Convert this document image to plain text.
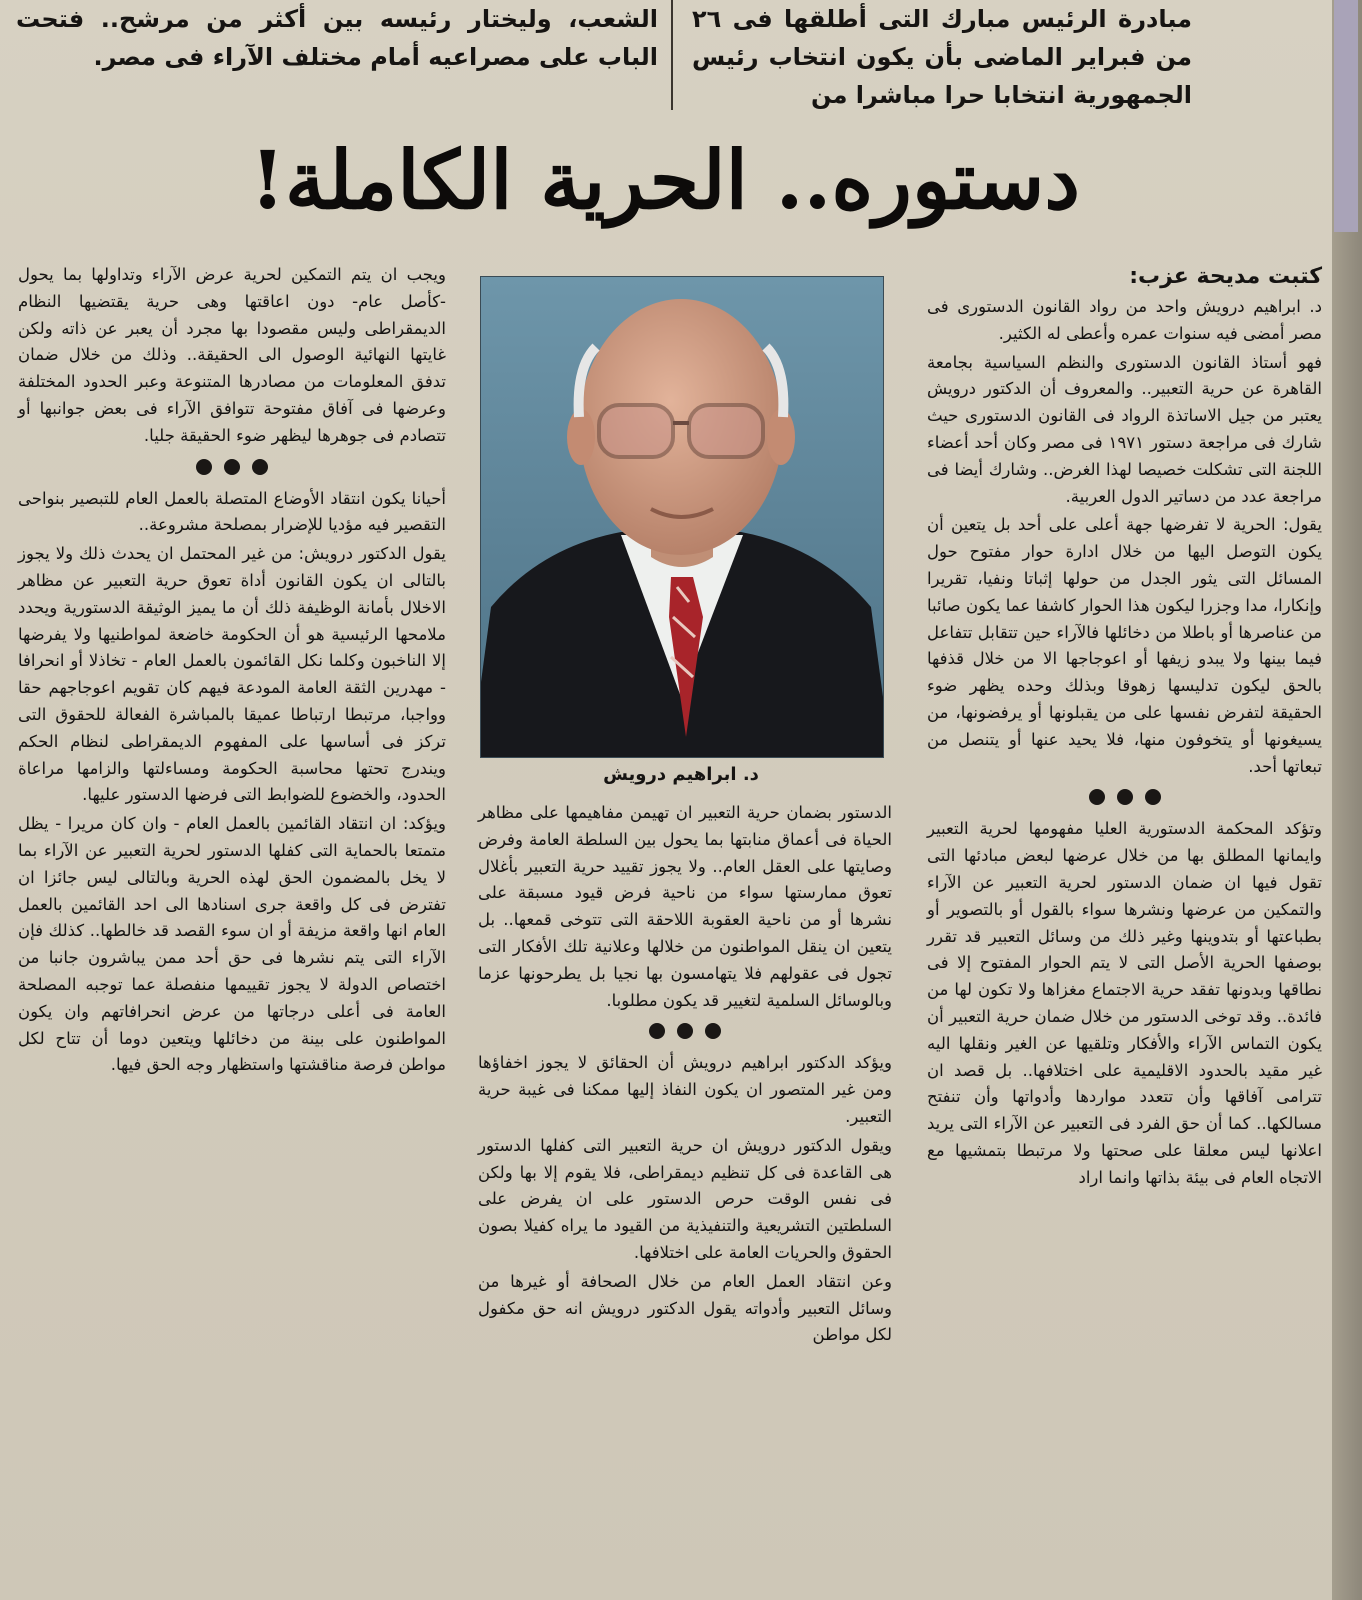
مبادرة الرئيس مبارك التى أطلقها فى ٢٦ من فبراير الماضى بأن يكون انتخاب رئيس الجمهورية انتخابا حرا مباشرا من

الشعب، وليختار رئيسه بين أكثر من مرشح.. فتحت الباب على مصراعيه أمام مختلف الآراء فى مصر.

دستوره.. الحرية الكاملة!

كتبت مديحة عزب:

د. ابراهيم درويش واحد من رواد القانون الدستورى فى مصر أمضى فيه سنوات عمره وأعطى له الكثير.

فهو أستاذ القانون الدستورى والنظم السياسية بجامعة القاهرة عن حرية التعبير.. والمعروف أن الدكتور درويش يعتبر من جيل الاساتذة الرواد فى القانون الدستورى حيث شارك فى مراجعة دستور ١٩٧١ فى مصر وكان أحد أعضاء اللجنة التى تشكلت خصيصا لهذا الغرض.. وشارك أيضا فى مراجعة عدد من دساتير الدول العربية.

يقول: الحرية لا تفرضها جهة أعلى على أحد بل يتعين أن يكون التوصل اليها من خلال ادارة حوار مفتوح حول المسائل التى يثور الجدل من حولها إثباتا ونفيا، تقريرا وإنكارا، مدا وجزرا ليكون هذا الحوار كاشفا عما يكون صائبا من عناصرها أو باطلا من دخائلها فالآراء حين تتقابل تتفاعل فيما بينها ولا يبدو زيفها أو اعوجاجها الا من خلال قذفها بالحق ليكون تدليسها زهوقا وبذلك وحده يظهر ضوء الحقيقة لتفرض نفسها على من يقبلونها أو يرفضونها، من يسيغونها أو يتخوفون منها، فلا يحيد عنها أو يتنصل من تبعاتها أحد.

وتؤكد المحكمة الدستورية العليا مفهومها لحرية التعبير وايمانها المطلق بها من خلال عرضها لبعض مبادئها التى تقول فيها ان ضمان الدستور لحرية التعبير عن الآراء والتمكين من عرضها ونشرها سواء بالقول أو بالتصوير أو بطباعتها أو بتدوينها وغير ذلك من وسائل التعبير قد تقرر بوصفها الحرية الأصل التى لا يتم الحوار المفتوح إلا فى نطاقها وبدونها تفقد حرية الاجتماع مغزاها ولا تكون لها من فائدة.. وقد توخى الدستور من خلال ضمان حرية التعبير أن يكون التماس الآراء والأفكار وتلقيها عن الغير ونقلها اليه غير مقيد بالحدود الاقليمية على اختلافها.. بل قصد ان تترامى آفاقها وأن تتعدد مواردها وأدواتها وأن تنفتح مسالكها.. كما أن حق الفرد فى التعبير عن الآراء التى يريد اعلانها ليس معلقا على صحتها ولا مرتبطا بتمشيها مع الاتجاه العام فى بيئة بذاتها وانما اراد

د. ابراهيم درويش

الدستور بضمان حرية التعبير ان تهيمن مفاهيمها على مظاهر الحياة فى أعماق منابتها بما يحول بين السلطة العامة وفرض وصايتها على العقل العام.. ولا يجوز تقييد حرية التعبير بأغلال تعوق ممارستها سواء من ناحية فرض قيود مسبقة على نشرها أو من ناحية العقوبة اللاحقة التى تتوخى قمعها.. بل يتعين ان ينقل المواطنون من خلالها وعلانية تلك الأفكار التى تجول فى عقولهم فلا يتهامسون بها نجيا بل يطرحونها عزما وبالوسائل السلمية لتغيير قد يكون مطلوبا.

ويؤكد الدكتور ابراهيم درويش أن الحقائق لا يجوز اخفاؤها ومن غير المتصور ان يكون النفاذ إليها ممكنا فى غيبة حرية التعبير.

ويقول الدكتور درويش ان حرية التعبير التى كفلها الدستور هى القاعدة فى كل تنظيم ديمقراطى، فلا يقوم إلا بها ولكن فى نفس الوقت حرص الدستور على ان يفرض على السلطتين التشريعية والتنفيذية من القيود ما يراه كفيلا بصون الحقوق والحريات العامة على اختلافها.

وعن انتقاد العمل العام من خلال الصحافة أو غيرها من وسائل التعبير وأدواته يقول الدكتور درويش انه حق مكفول لكل مواطن

ويجب ان يتم التمكين لحرية عرض الآراء وتداولها بما يحول -كأصل عام- دون اعاقتها وهى حرية يقتضيها النظام الديمقراطى وليس مقصودا بها مجرد أن يعبر عن ذاته ولكن غايتها النهائية الوصول الى الحقيقة.. وذلك من خلال ضمان تدفق المعلومات من مصادرها المتنوعة وعبر الحدود المختلفة وعرضها فى آفاق مفتوحة تتوافق الآراء فى بعض جوانبها أو تتصادم فى جوهرها ليظهر ضوء الحقيقة جليا.

أحيانا يكون انتقاد الأوضاع المتصلة بالعمل العام للتبصير بنواحى التقصير فيه مؤديا للإضرار بمصلحة مشروعة..

يقول الدكتور درويش: من غير المحتمل ان يحدث ذلك ولا يجوز بالتالى ان يكون القانون أداة تعوق حرية التعبير عن مظاهر الاخلال بأمانة الوظيفة ذلك أن ما يميز الوثيقة الدستورية ويحدد ملامحها الرئيسية هو أن الحكومة خاضعة لمواطنيها ولا يفرضها إلا الناخبون وكلما نكل القائمون بالعمل العام - تخاذلا أو انحرافا - مهدرين الثقة العامة المودعة فيهم كان تقويم اعوجاجهم حقا وواجبا، مرتبطا ارتباطا عميقا بالمباشرة الفعالة للحقوق التى تركز فى أساسها على المفهوم الديمقراطى لنظام الحكم ويندرج تحتها محاسبة الحكومة ومساءلتها والزامها مراعاة الحدود، والخضوع للضوابط التى فرضها الدستور عليها.

ويؤكد: ان انتقاد القائمين بالعمل العام - وان كان مريرا - يظل متمتعا بالحماية التى كفلها الدستور لحرية التعبير عن الآراء بما لا يخل بالمضمون الحق لهذه الحرية وبالتالى ليس جائزا ان تفترض فى كل واقعة جرى اسنادها الى احد القائمين بالعمل العام انها واقعة مزيفة أو ان سوء القصد قد خالطها.. كذلك فإن الآراء التى يتم نشرها فى حق أحد ممن يباشرون جانبا من اختصاص الدولة لا يجوز تقييمها منفصلة عما توجبه المصلحة العامة فى أعلى درجاتها من عرض انحرافاتهم وان يكون المواطنون على بينة من دخائلها ويتعين دوما أن تتاح لكل مواطن فرصة مناقشتها واستظهار وجه الحق فيها.
